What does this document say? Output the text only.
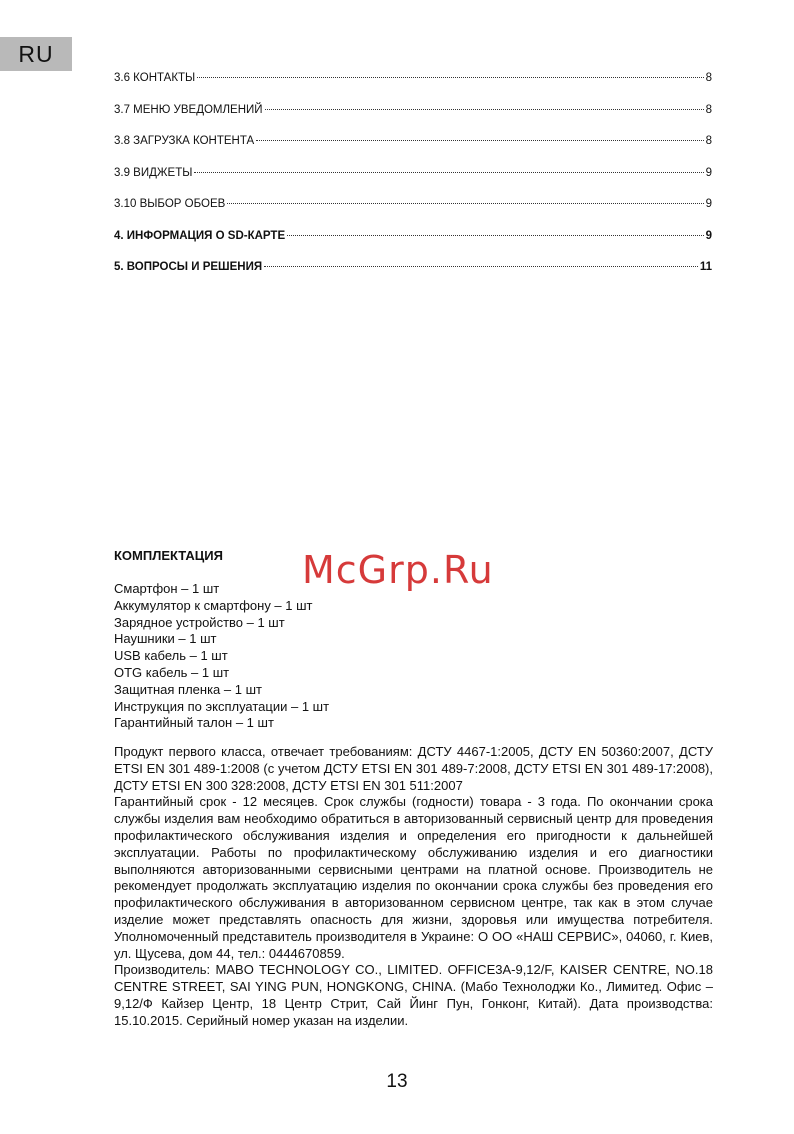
RU
3.6 КОНТАКТЫ	8
3.7 МЕНЮ УВЕДОМЛЕНИЙ	8
3.8 ЗАГРУЗКА КОНТЕНТА	8
3.9 ВИДЖЕТЫ	9
3.10 ВЫБОР ОБОЕВ	9
4. ИНФОРМАЦИЯ О SD-КАРТЕ	9
5. ВОПРОСЫ И РЕШЕНИЯ	11
КОМПЛЕКТАЦИЯ
Смартфон – 1 шт
Аккумулятор к смартфону – 1 шт
Зарядное устройство – 1 шт
Наушники – 1 шт
USB кабель – 1 шт
OTG кабель – 1 шт
Защитная пленка – 1 шт
Инструкция по эксплуатации – 1 шт
Гарантийный талон – 1 шт
McGrp.Ru

Продукт первого класса, отвечает требованиям: ДСТУ 4467-1:2005, ДСТУ EN 50360:2007, ДСТУ ETSI EN 301 489-1:2008 (с учетом ДСТУ ETSI EN 301 489-7:2008, ДСТУ ETSI EN 301 489-17:2008), ДСТУ ETSI EN 300 328:2008, ДСТУ ETSI EN 301 511:2007

Гарантийный срок - 12 месяцев. Срок службы (годности) товара - 3 года. По окончании срока службы изделия вам необходимо обратиться в авторизованный сервисный центр для проведения профилактического обслуживания изделия и определения его пригодности к дальнейшей эксплуатации. Работы по профилактическому обслуживанию изделия и его диагностики выполняются авторизованными сервисными центрами на платной основе. Производитель не рекомендует продолжать эксплуатацию изделия по окончании срока службы без проведения его профилактического обслуживания в авторизованном сервисном центре, так как в этом случае изделие может представлять опасность для жизни, здоровья или имущества потребителя. Уполномоченный представитель производителя в Украине: О ОО «НАШ СЕРВИС», 04060, г. Киев, ул. Щусева, дом 44, тел.: 0444670859.

Производитель: MABO TECHNOLOGY CO., LIMITED. OFFICE3A-9,12/F, KAISER CENTRE, NO.18 CENTRE STREET, SAI YING PUN, HONGKONG, CHINA. (Мабо Технолоджи Ко., Лимитед. Офис – 9,12/Ф Кайзер Центр, 18 Центр Стрит, Сай Йинг Пун, Гонконг, Китай). Дата производства: 15.10.2015. Серийный номер указан на изделии.

13
